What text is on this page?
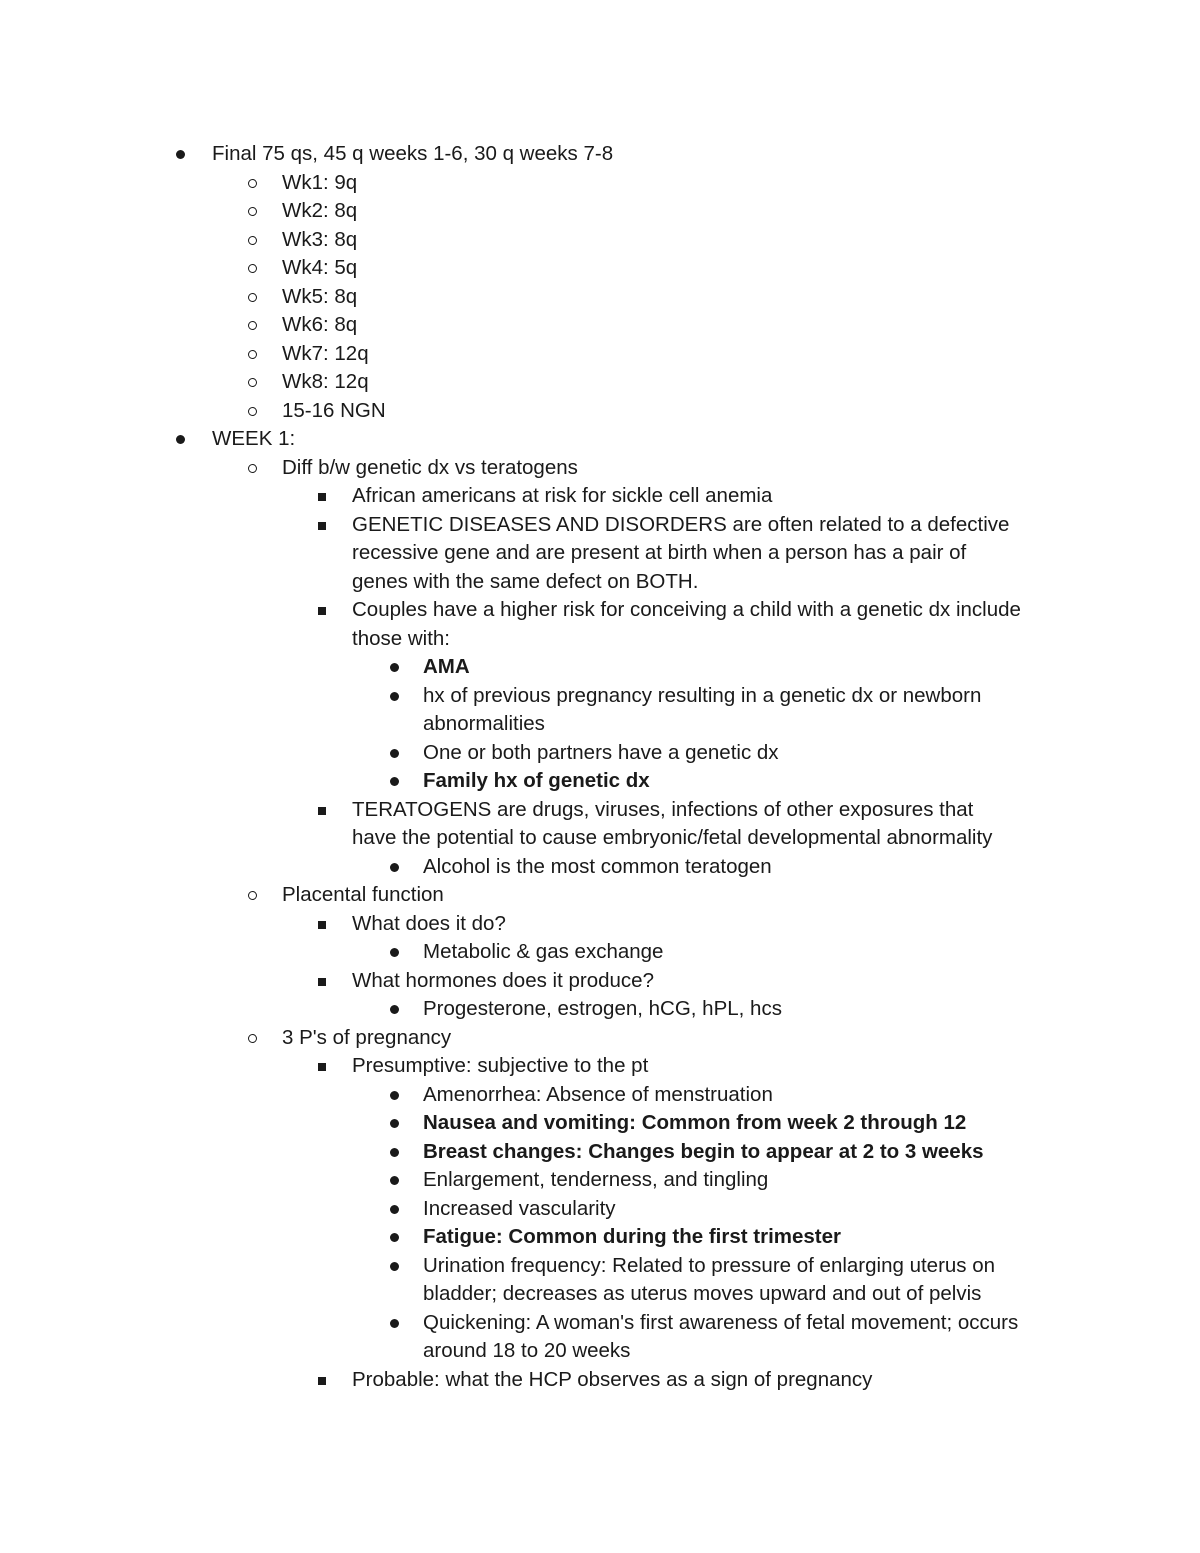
Final 75 qs, 45 q weeks 1-6, 30 q weeks 7-8
Wk1: 9q
Wk2: 8q
Wk3: 8q
Wk4: 5q
Wk5: 8q
Wk6: 8q
Wk7: 12q
Wk8: 12q
15-16 NGN
WEEK 1:
Diff b/w genetic dx vs teratogens
African americans at risk for sickle cell anemia
GENETIC DISEASES AND DISORDERS are often related to a defective
recessive gene and are present at birth when a person has a pair of
genes with the same defect on BOTH.
Couples have a higher risk for conceiving a child with a genetic dx include
those with:
AMA
hx of previous pregnancy resulting in a genetic dx or newborn
abnormalities
One or both partners have a genetic dx
Family hx of genetic dx
TERATOGENS are drugs, viruses, infections of other exposures that
have the potential to cause embryonic/fetal developmental abnormality
Alcohol is the most common teratogen
Placental function
What does it do?
Metabolic & gas exchange
What hormones does it produce?
Progesterone, estrogen, hCG, hPL, hcs
3 P's of pregnancy
Presumptive: subjective to the pt
Amenorrhea: Absence of menstruation
Nausea and vomiting: Common from week 2 through 12
Breast changes: Changes begin to appear at 2 to 3 weeks
Enlargement, tenderness, and tingling
Increased vascularity
Fatigue: Common during the first trimester
Urination frequency: Related to pressure of enlarging uterus on
bladder; decreases as uterus moves upward and out of pelvis
Quickening: A woman's first awareness of fetal movement; occurs
around 18 to 20 weeks
Probable: what the HCP observes as a sign of pregnancy
